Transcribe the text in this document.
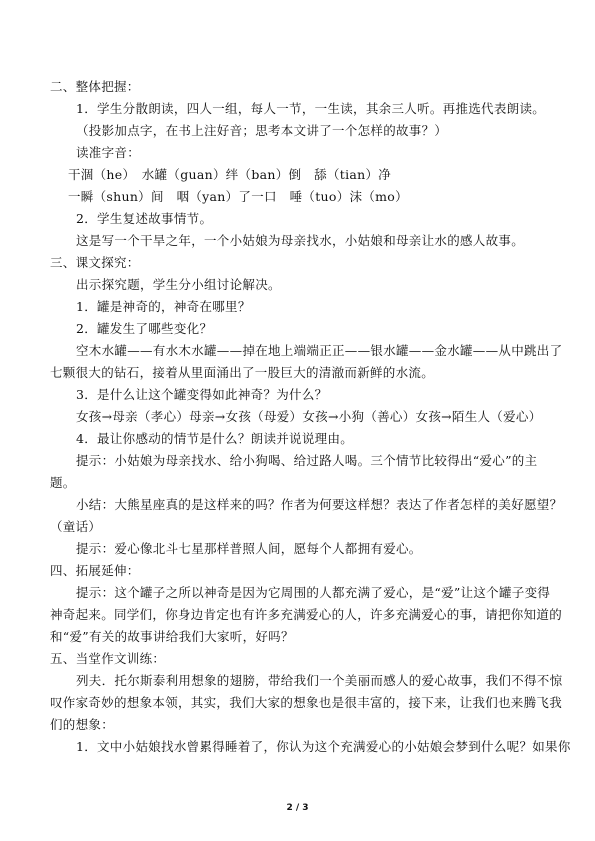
二、整体把握：
1．学生分散朗读，四人一组，每人一节，一生读，其余三人听。再推选代表朗读。
（投影加点字，在书上注好音；思考本文讲了一个怎样的故事？）
读准字音：
干涸（he）　水罐（guan）绊（ban）倒　舔（tian）净
一瞬（shun）间　咽（yan）了一口　唾（tuo）沫（mo）
2．学生复述故事情节。
这是写一个干旱之年，一个小姑娘为母亲找水，小姑娘和母亲让水的感人故事。
三、课文探究：
出示探究题，学生分小组讨论解决。
1．罐是神奇的，神奇在哪里？
2．罐发生了哪些变化？
空木水罐——有水木水罐——掉在地上端端正正——银水罐——金水罐——从中跳出了
七颗很大的钻石，接着从里面涌出了一股巨大的清澈而新鲜的水流。
3．是什么让这个罐变得如此神奇？为什么？
女孩→母亲（孝心）母亲→女孩（母爱）女孩→小狗（善心）女孩→陌生人（爱心）
4．最让你感动的情节是什么？朗读并说说理由。
提示：小姑娘为母亲找水、给小狗喝、给过路人喝。三个情节比较得出“爱心”的主
题。
小结：大熊星座真的是这样来的吗？作者为何要这样想？表达了作者怎样的美好愿望？
（童话）
提示：爱心像北斗七星那样普照人间，愿每个人都拥有爱心。
四、拓展延伸：
提示：这个罐子之所以神奇是因为它周围的人都充满了爱心，是“爱”让这个罐子变得
神奇起来。同学们，你身边肯定也有许多充满爱心的人，许多充满爱心的事，请把你知道的
和“爱”有关的故事讲给我们大家听，好吗？
五、当堂作文训练：
列夫．托尔斯泰利用想象的翅膀，带给我们一个美丽而感人的爱心故事，我们不得不惊
叹作家奇妙的想象本领，其实，我们大家的想象也是很丰富的，接下来，让我们也来腾飞我
们的想象：
1．文中小姑娘找水曾累得睡着了，你认为这个充满爱心的小姑娘会梦到什么呢？如果你
2 / 3
